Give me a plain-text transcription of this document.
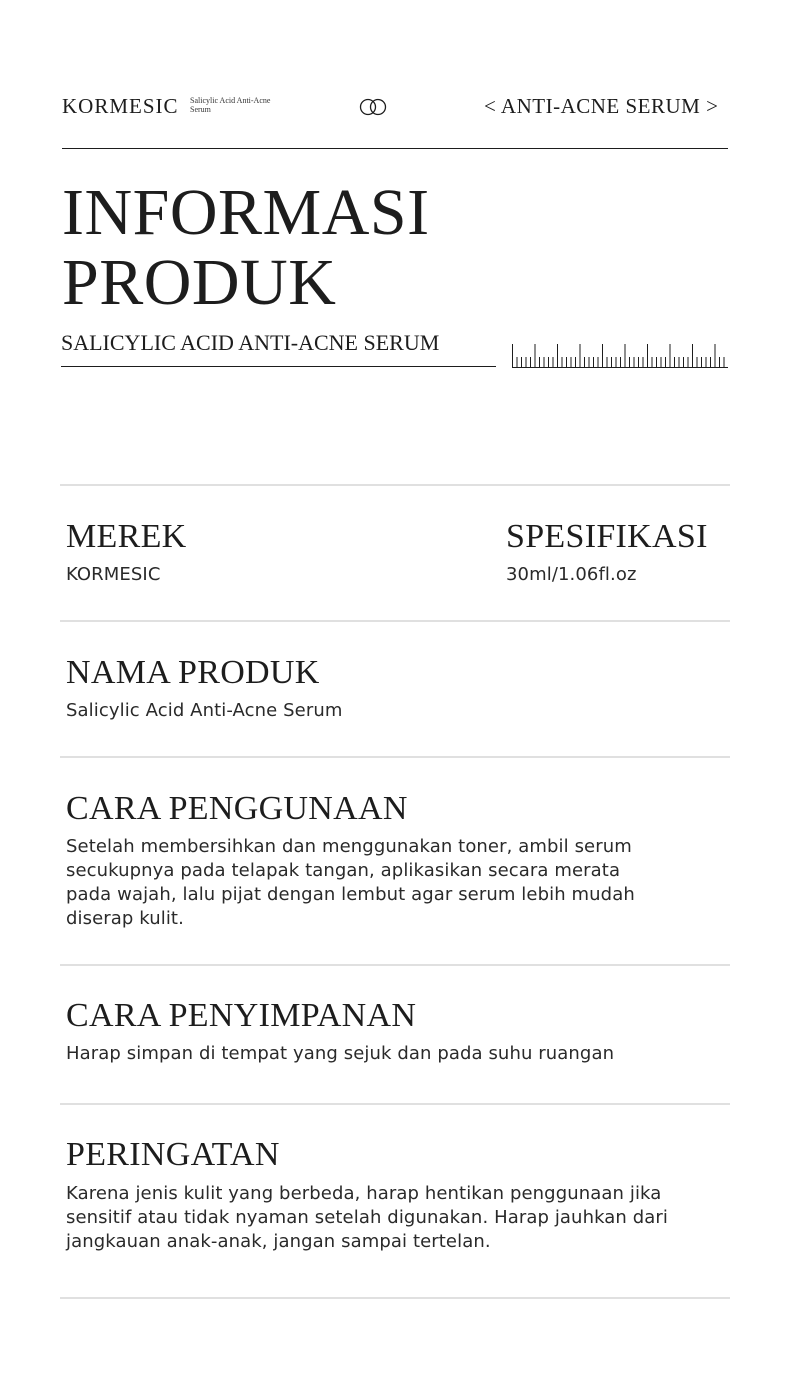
KORMESIC Salicylic Acid Anti-Acne Serum	< ANTI-ACNE SERUM >
INFORMASI
PRODUK
SALICYLIC ACID ANTI-ACNE SERUM
MEREK
KORMESIC
SPESIFIKASI
30ml/1.06fl.oz
NAMA PRODUK
Salicylic Acid Anti-Acne Serum
CARA PENGGUNAAN
Setelah membersihkan dan menggunakan toner, ambil serum
secukupnya pada telapak tangan, aplikasikan secara merata
pada wajah, lalu pijat dengan lembut agar serum lebih mudah
diserap kulit.
CARA PENYIMPANAN
Harap simpan di tempat yang sejuk dan pada suhu ruangan
PERINGATAN
Karena jenis kulit yang berbeda, harap hentikan penggunaan jika
sensitif atau tidak nyaman setelah digunakan. Harap jauhkan dari
jangkauan anak-anak, jangan sampai tertelan.
